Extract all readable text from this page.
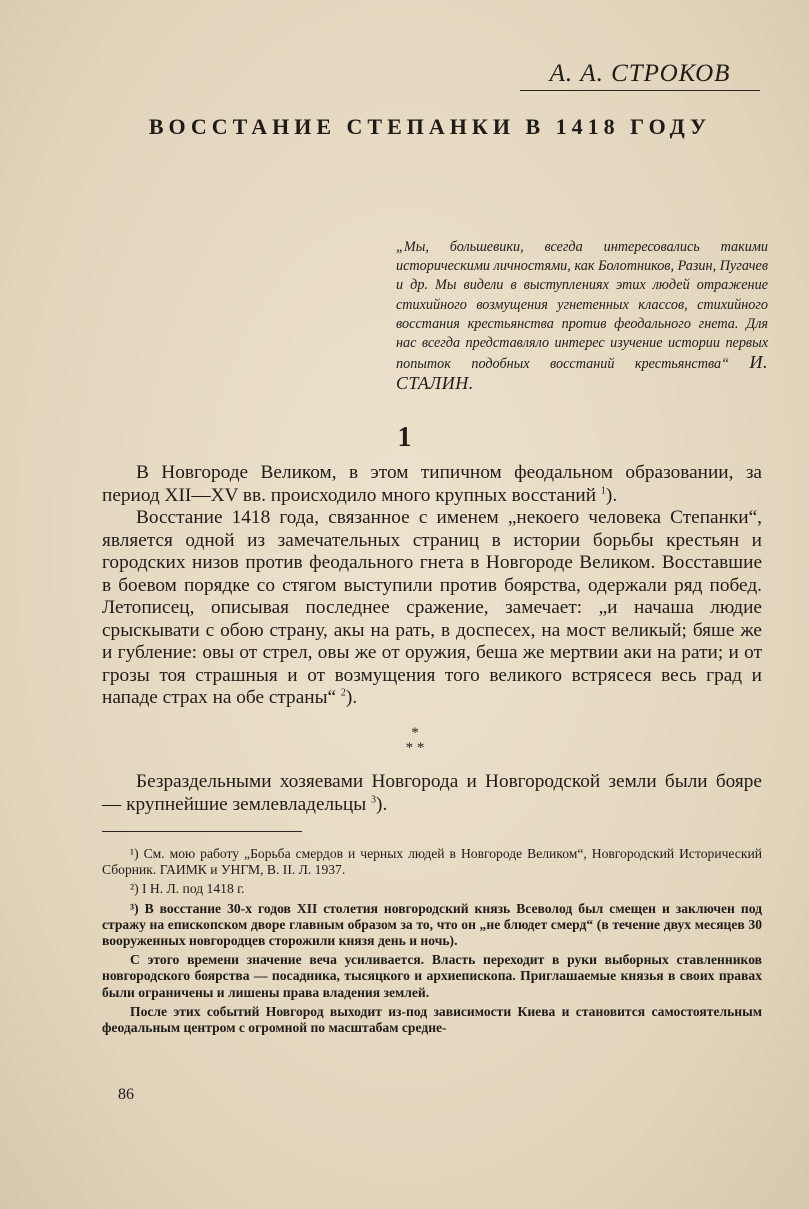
А. А. СТРОКОВ
ВОССТАНИЕ СТЕПАНКИ В 1418 ГОДУ
„Мы, большевики, всегда интересовались такими историческими личностями, как Болотников, Разин, Пугачев и др. Мы видели в выступлениях этих людей отражение стихийного возмущения угнетенных классов, стихийного восстания крестьянства против феодального гнета. Для нас всегда представляло интерес изучение истории первых попыток подобных восстаний крестьянства“ И. СТАЛИН.
1

В Новгороде Великом, в этом типичном феодальном образовании, за период XII—XV вв. происходило много крупных восстаний $^1$).

Восстание 1418 года, связанное с именем „некоего человека Степанки“, является одной из замечательных страниц в истории борьбы крестьян и городских низов против феодального гнета в Новгороде Великом. Восставшие в боевом порядке со стягом выступили против боярства, одержали ряд побед. Летописец, описывая последнее сражение, замечает: „и начаша людие срыскывати с обою страну, акы на рать, в доспесех, на мост великый; бяше же и губление: овы от стрел, овы же от оружия, беша же мертвии аки на рати; и от грозы тоя страшныя и от возмущения того великого встрясеся весь град и нападе страх на обе страны“ $^2$).

*
* *

Безраздельными хозяевами Новгорода и Новгородской земли были бояре — крупнейшие землевладельцы $^3$).

¹) См. мою работу „Борьба смердов и черных людей в Новгороде Великом“, Новгородский Исторический Сборник. ГАИМК и УНГМ, В. II. Л. 1937.

²) I Н. Л. под 1418 г.

³) В восстание 30-х годов XII столетия новгородский князь Всеволод был смещен и заключен под стражу на епископском дворе главным образом за то, что он „не блюдет смерд“ (в течение двух месяцев 30 вооруженных новгородцев сторожили князя день и ночь).

С этого времени значение веча усиливается. Власть переходит в руки выборных ставленников новгородского боярства — посадника, тысяцкого и архиепископа. Приглашаемые князья в своих правах были ограничены и лишены права владения землей.

После этих событий Новгород выходит из-под зависимости Киева и становится самостоятельным феодальным центром с огромной по масштабам средне-

86
